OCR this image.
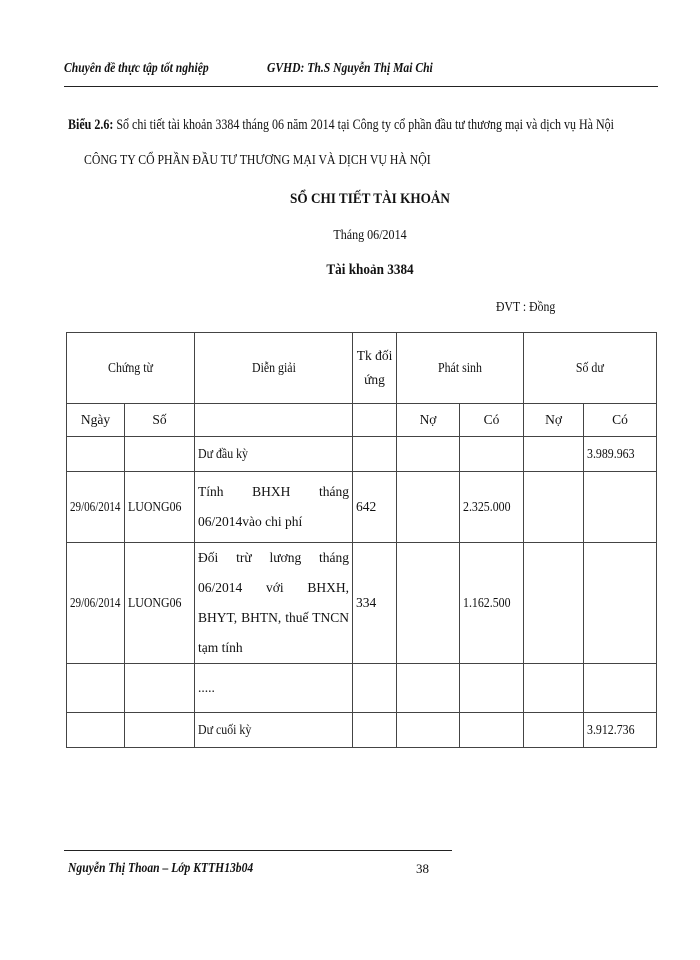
Chuyên đề thực tập tốt nghiệp	GVHD: Th.S Nguyễn Thị Mai Chi
Biểu 2.6: Sổ chi tiết tài khoản 3384 tháng 06 năm 2014 tại Công ty cổ phần đầu tư thương mại và dịch vụ Hà Nội
CÔNG TY CỔ PHẦN ĐẦU TƯ THƯƠNG MẠI VÀ DỊCH VỤ HÀ NỘI
SỔ CHI TIẾT TÀI KHOẢN
Tháng 06/2014
Tài khoản 3384
ĐVT : Đồng
Chứng từ		Diễn giải	Tk đối ứng	Phát sinh		Số dư	
Ngày	Số			Nợ	Có	Nợ	Có
		Dư đầu kỳ					3.989.963
29/06/2014	LUONG06	Tính BHXH tháng 06/2014vào chi phí	642		2.325.000		
29/06/2014	LUONG06	Đối trừ lương tháng 06/2014 với BHXH, BHYT, BHTN, thuế TNCN tạm tính	334		1.162.500		
		.....					
		Dư cuối kỳ					3.912.736
Nguyễn Thị Thoan – Lớp KTTH13b04	38
